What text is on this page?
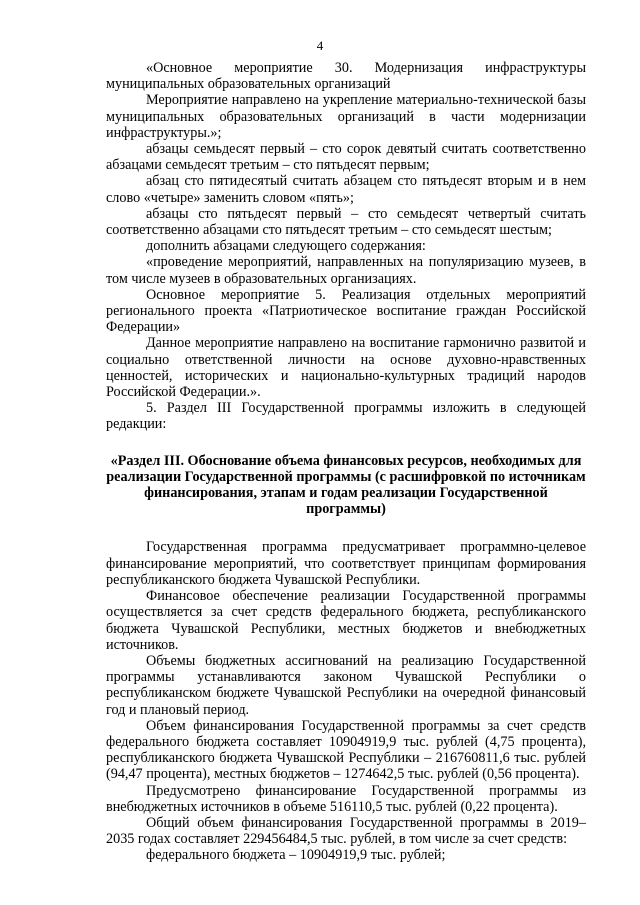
4

«Основное мероприятие 30. Модернизация инфраструктуры муниципальных образовательных организаций

Мероприятие направлено на укрепление материально-технической базы муниципальных образовательных организаций в части модернизации инфраструктуры.»;

абзацы семьдесят первый – сто сорок девятый считать соответственно абзацами семьдесят третьим – сто пятьдесят первым;

абзац сто пятидесятый считать абзацем сто пятьдесят вторым и в нем слово «четыре» заменить словом «пять»;

абзацы сто пятьдесят первый – сто семьдесят четвертый считать соответственно абзацами сто пятьдесят третьим – сто семьдесят шестым;

дополнить абзацами следующего содержания:

«проведение мероприятий, направленных на популяризацию музеев, в том числе музеев в образовательных организациях.

Основное мероприятие 5. Реализация отдельных мероприятий регионального проекта «Патриотическое воспитание граждан Российской Федерации»

Данное мероприятие направлено на воспитание гармонично развитой и социально ответственной личности на основе духовно-нравственных ценностей, исторических и национально-культурных традиций народов Российской Федерации.».

5. Раздел III Государственной программы изложить в следующей редакции:

«Раздел III. Обоснование объема финансовых ресурсов, необходимых для реализации Государственной программы (с расшифровкой по источникам финансирования, этапам и годам реализации Государственной программы)

Государственная программа предусматривает программно-целевое финансирование мероприятий, что соответствует принципам формирования республиканского бюджета Чувашской Республики.

Финансовое обеспечение реализации Государственной программы осуществляется за счет средств федерального бюджета, республиканского бюджета Чувашской Республики, местных бюджетов и внебюджетных источников.

Объемы бюджетных ассигнований на реализацию Государственной программы устанавливаются законом Чувашской Республики о республиканском бюджете Чувашской Республики на очередной финансовый год и плановый период.

Объем финансирования Государственной программы за счет средств федерального бюджета составляет 10904919,9 тыс. рублей (4,75 процента), республиканского бюджета Чувашской Республики – 216760811,6 тыс. рублей (94,47 процента), местных бюджетов – 1274642,5 тыс. рублей (0,56 процента).

Предусмотрено финансирование Государственной программы из внебюджетных источников в объеме 516110,5 тыс. рублей (0,22 процента).

Общий объем финансирования Государственной программы в 2019–2035 годах составляет 229456484,5 тыс. рублей, в том числе за счет средств:

федерального бюджета – 10904919,9 тыс. рублей;
